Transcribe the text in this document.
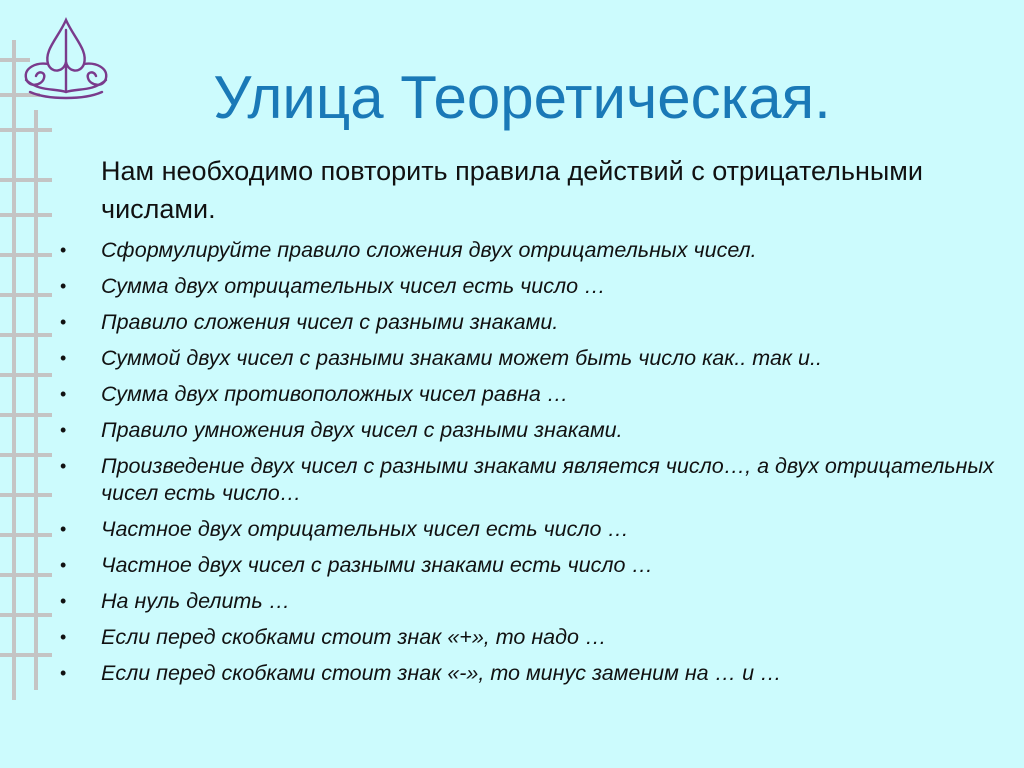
Улица Теоретическая.

Нам необходимо повторить правила действий с отрицательными числами.

• Сформулируйте правило сложения двух отрицательных чисел.
• Сумма двух отрицательных чисел есть число …
• Правило сложения чисел с разными знаками.
• Суммой двух чисел с разными знаками может быть число как.. так и..
• Сумма двух противоположных чисел равна …
• Правило умножения двух чисел с разными знаками.
• Произведение двух чисел с разными знаками является число…, а двух отрицательных чисел есть число…
• Частное двух отрицательных чисел есть число …
• Частное двух чисел с разными знаками есть число …
• На нуль делить …
• Если перед скобками стоит знак «+», то надо …
• Если перед скобками стоит знак «-», то минус заменим на … и …
